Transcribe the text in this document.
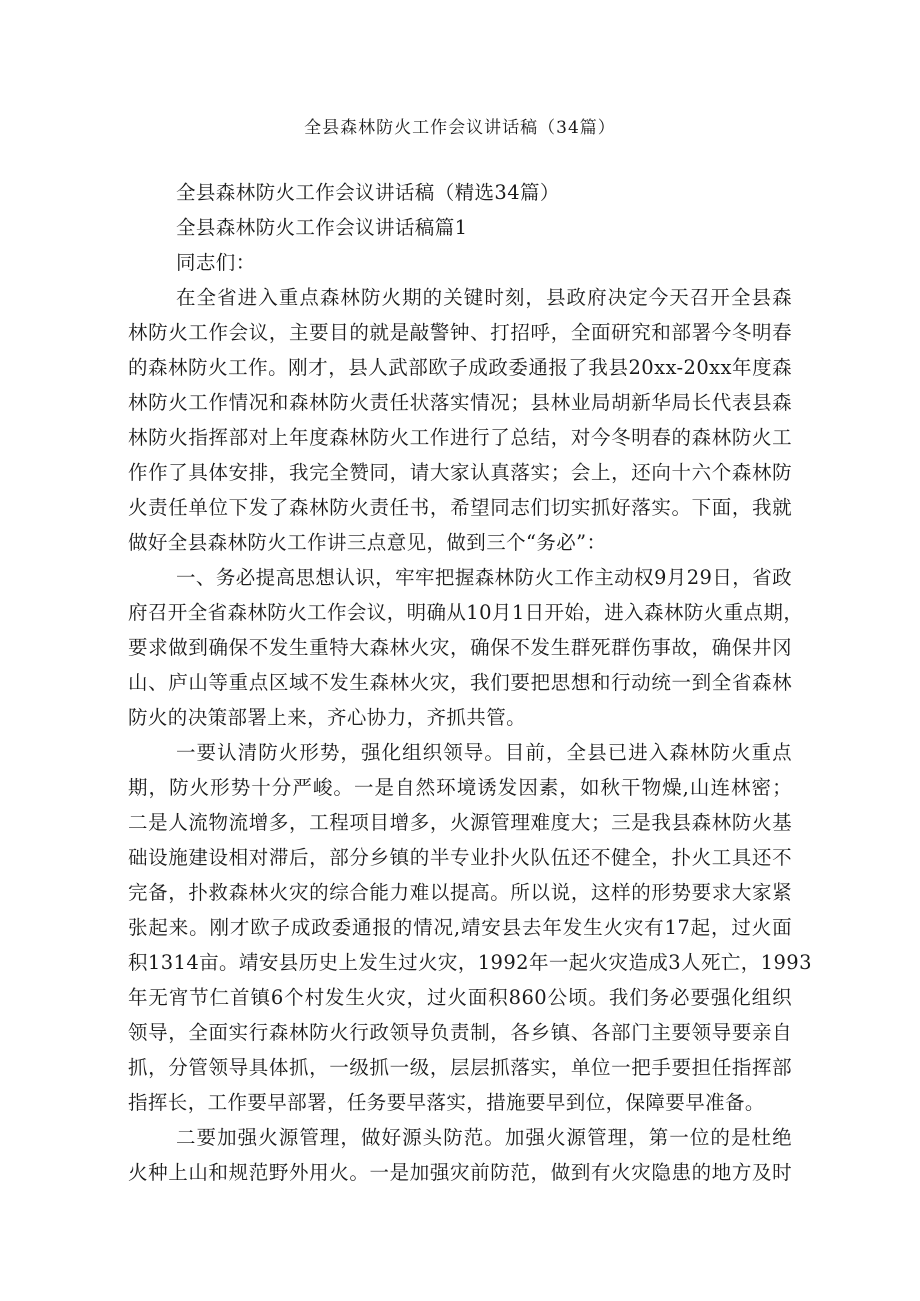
全县森林防火工作会议讲话稿（34篇）
全县森林防火工作会议讲话稿（精选34篇）
全县森林防火工作会议讲话稿篇1
同志们：
在全省进入重点森林防火期的关键时刻，县政府决定今天召开全县森
林防火工作会议，主要目的就是敲警钟、打招呼，全面研究和部署今冬明春
的森林防火工作。刚才，县人武部欧子成政委通报了我县20xx-20xx年度森
林防火工作情况和森林防火责任状落实情况；县林业局胡新华局长代表县森
林防火指挥部对上年度森林防火工作进行了总结，对今冬明春的森林防火工
作作了具体安排，我完全赞同，请大家认真落实；会上，还向十六个森林防
火责任单位下发了森林防火责任书，希望同志们切实抓好落实。下面，我就
做好全县森林防火工作讲三点意见，做到三个“务必”：
一、务必提高思想认识，牢牢把握森林防火工作主动权9月29日，省政
府召开全省森林防火工作会议，明确从10月1日开始，进入森林防火重点期，
要求做到确保不发生重特大森林火灾，确保不发生群死群伤事故，确保井冈
山、庐山等重点区域不发生森林火灾，我们要把思想和行动统一到全省森林
防火的决策部署上来，齐心协力，齐抓共管。
一要认清防火形势，强化组织领导。目前，全县已进入森林防火重点
期，防火形势十分严峻。一是自然环境诱发因素，如秋干物燥,山连林密；
二是人流物流增多，工程项目增多，火源管理难度大；三是我县森林防火基
础设施建设相对滞后，部分乡镇的半专业扑火队伍还不健全，扑火工具还不
完备，扑救森林火灾的综合能力难以提高。所以说，这样的形势要求大家紧
张起来。刚才欧子成政委通报的情况,靖安县去年发生火灾有17起，过火面
积1314亩。靖安县历史上发生过火灾，1992年一起火灾造成3人死亡，1993
年无宵节仁首镇6个村发生火灾，过火面积860公顷。我们务必要强化组织
领导，全面实行森林防火行政领导负责制，各乡镇、各部门主要领导要亲自
抓，分管领导具体抓，一级抓一级，层层抓落实，单位一把手要担任指挥部
指挥长，工作要早部署，任务要早落实，措施要早到位，保障要早准备。
二要加强火源管理，做好源头防范。加强火源管理，第一位的是杜绝
火种上山和规范野外用火。一是加强灾前防范，做到有火灾隐患的地方及时
